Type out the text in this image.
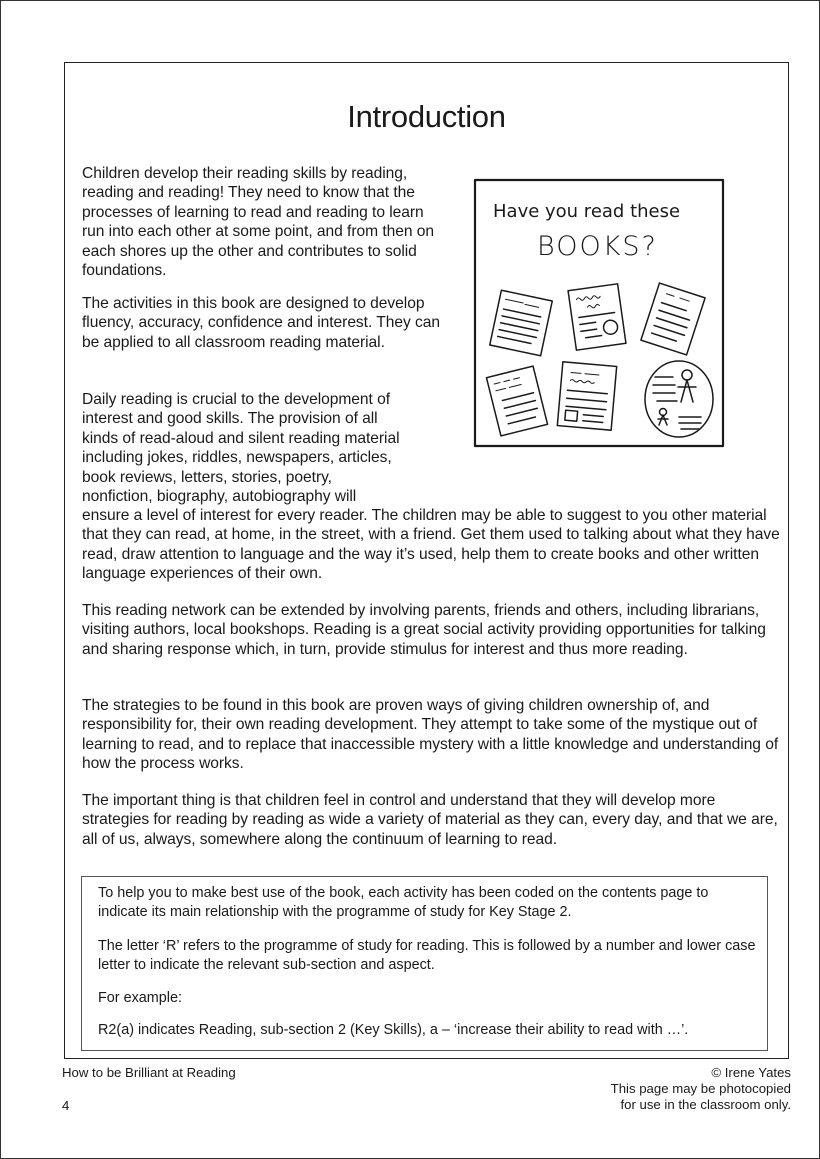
Introduction

Children develop their reading skills by reading, reading and reading! They need to know that the processes of learning to read and reading to learn run into each other at some point, and from then on each shores up the other and contributes to solid foundations.

The activities in this book are designed to develop fluency, accuracy, confidence and interest. They can be applied to all classroom reading material.

Daily reading is crucial to the development of
interest and good skills. The provision of all
kinds of read-aloud and silent reading material
including jokes, riddles, newspapers, articles,
book reviews, letters, stories, poetry,
nonfiction, biography, autobiography will

ensure a level of interest for every reader. The children may be able to suggest to you other material that they can read, at home, in the street, with a friend. Get them used to talking about what they have read, draw attention to language and the way it’s used, help them to create books and other written language experiences of their own.

This reading network can be extended by involving parents, friends and others, including librarians, visiting authors, local bookshops. Reading is a great social activity providing opportunities for talking and sharing response which, in turn, provide stimulus for interest and thus more reading.

The strategies to be found in this book are proven ways of giving children ownership of, and responsibility for, their own reading development. They attempt to take some of the mystique out of learning to read, and to replace that inaccessible mystery with a little knowledge and understanding of how the process works.

The important thing is that children feel in control and understand that they will develop more strategies for reading by reading as wide a variety of material as they can, every day, and that we are, all of us, always, somewhere along the continuum of learning to read.

Have you read these
BOOKS?
To help you to make best use of the book, each activity has been coded on the contents page to indicate its main relationship with the programme of study for Key Stage 2.
The letter ‘R’ refers to the programme of study for reading. This is followed by a number and lower case letter to indicate the relevant sub-section and aspect.
For example:
R2(a) indicates Reading, sub-section 2 (Key Skills), a – ‘increase their ability to read with …’.
How to be Brilliant at Reading
4
© Irene Yates
This page may be photocopied
for use in the classroom only.
